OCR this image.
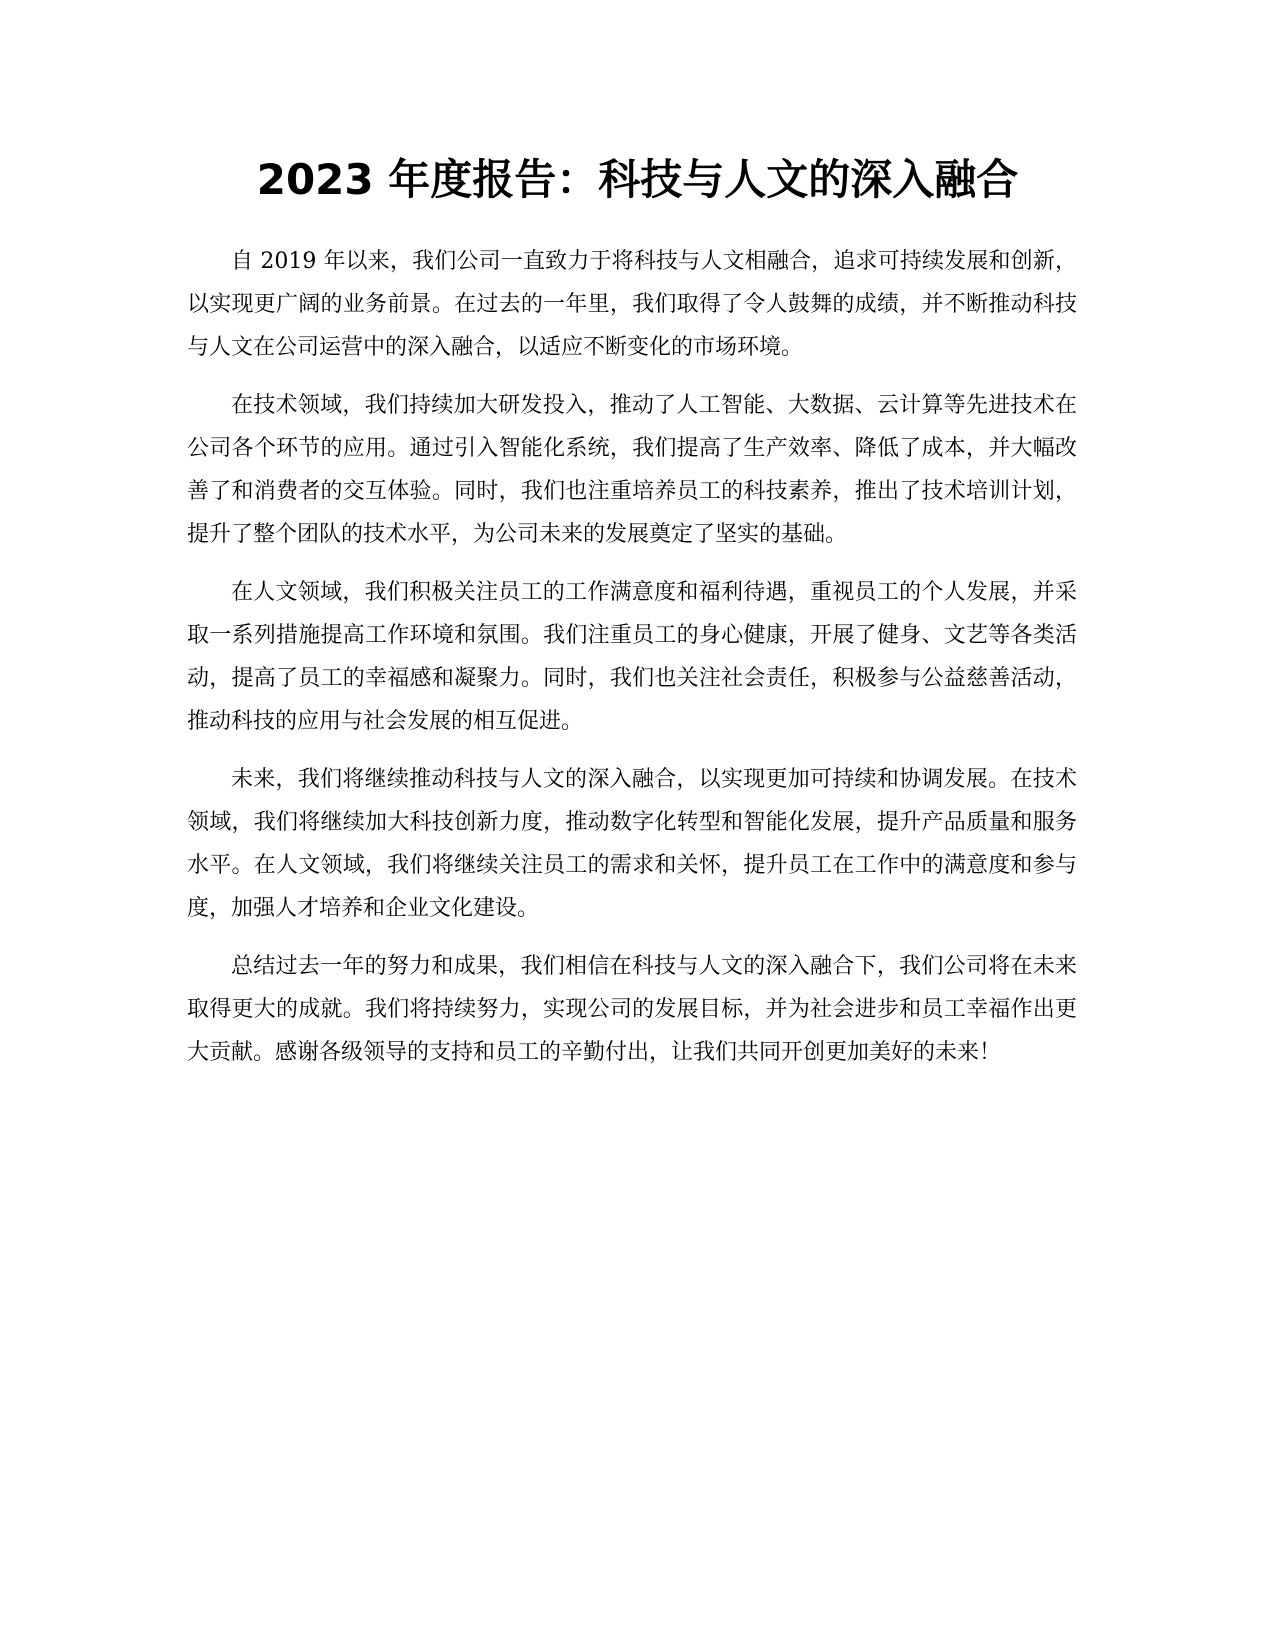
2023 年度报告：科技与人文的深入融合

自 2019 年以来，我们公司一直致力于将科技与人文相融合，追求可持续发展和创新，以实现更广阔的业务前景。在过去的一年里，我们取得了令人鼓舞的成绩，并不断推动科技与人文在公司运营中的深入融合，以适应不断变化的市场环境。

在技术领域，我们持续加大研发投入，推动了人工智能、大数据、云计算等先进技术在公司各个环节的应用。通过引入智能化系统，我们提高了生产效率、降低了成本，并大幅改善了和消费者的交互体验。同时，我们也注重培养员工的科技素养，推出了技术培训计划，提升了整个团队的技术水平，为公司未来的发展奠定了坚实的基础。

在人文领域，我们积极关注员工的工作满意度和福利待遇，重视员工的个人发展，并采取一系列措施提高工作环境和氛围。我们注重员工的身心健康，开展了健身、文艺等各类活动，提高了员工的幸福感和凝聚力。同时，我们也关注社会责任，积极参与公益慈善活动，推动科技的应用与社会发展的相互促进。

未来，我们将继续推动科技与人文的深入融合，以实现更加可持续和协调发展。在技术领域，我们将继续加大科技创新力度，推动数字化转型和智能化发展，提升产品质量和服务水平。在人文领域，我们将继续关注员工的需求和关怀，提升员工在工作中的满意度和参与度，加强人才培养和企业文化建设。

总结过去一年的努力和成果，我们相信在科技与人文的深入融合下，我们公司将在未来取得更大的成就。我们将持续努力，实现公司的发展目标，并为社会进步和员工幸福作出更大贡献。感谢各级领导的支持和员工的辛勤付出，让我们共同开创更加美好的未来！
